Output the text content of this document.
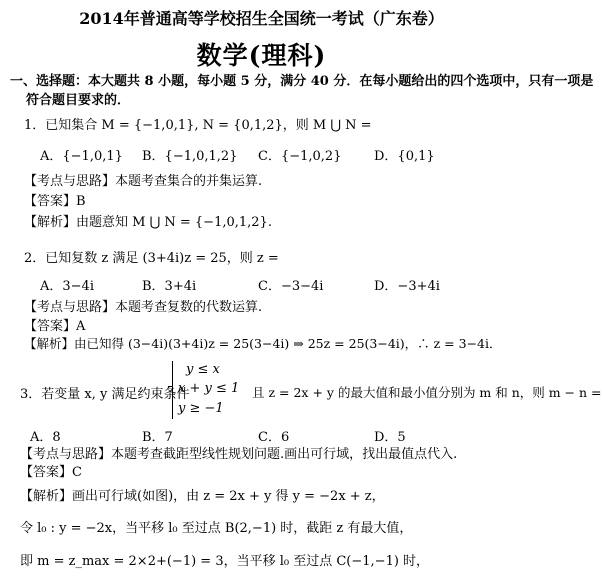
2014年普通高等学校招生全国统一考试（广东卷）
数学(理科)
一、选择题：本大题共 8 小题，每小题 5 分，满分 40 分．在每小题给出的四个选项中，只有一项是
符合题目要求的．
1．已知集合 M = {−1,0,1}, N = {0,1,2}，则 M ⋃ N =
A．{−1,0,1} B．{−1,0,1,2} C．{−1,0,2}	D．{0,1}
【考点与思路】本题考查集合的并集运算.
【答案】B
【解析】由题意知 M ⋃ N = {−1,0,1,2}.
2．已知复数 z 满足 (3+4i)z = 25，则 z =
A．3−4i	B．3+4i	C．−3−4i	D．−3+4i
【考点与思路】本题考查复数的代数运算.
【答案】A
【解析】由已知得 (3−4i)(3+4i)z = 25(3−4i) ⇒ 25z = 25(3−4i)，∴ z = 3−4i．
3．若变量 x, y 满足约束条件
y ≤ x
x + y ≤ 1
y ≥ −1
且 z = 2x + y 的最大值和最小值分别为 m 和 n，则 m − n =
A．8	B．7	C．6	D．5
【考点与思路】本题考查截距型线性规划问题.画出可行域，找出最值点代入.
【答案】C
【解析】画出可行域(如图)，由 z = 2x + y 得 y = −2x + z，
令 l₀ : y = −2x，当平移 l₀ 至过点 B(2,−1) 时，截距 z 有最大值，
即 m = z_max = 2×2+(−1) = 3，当平移 l₀ 至过点 C(−1,−1) 时，
